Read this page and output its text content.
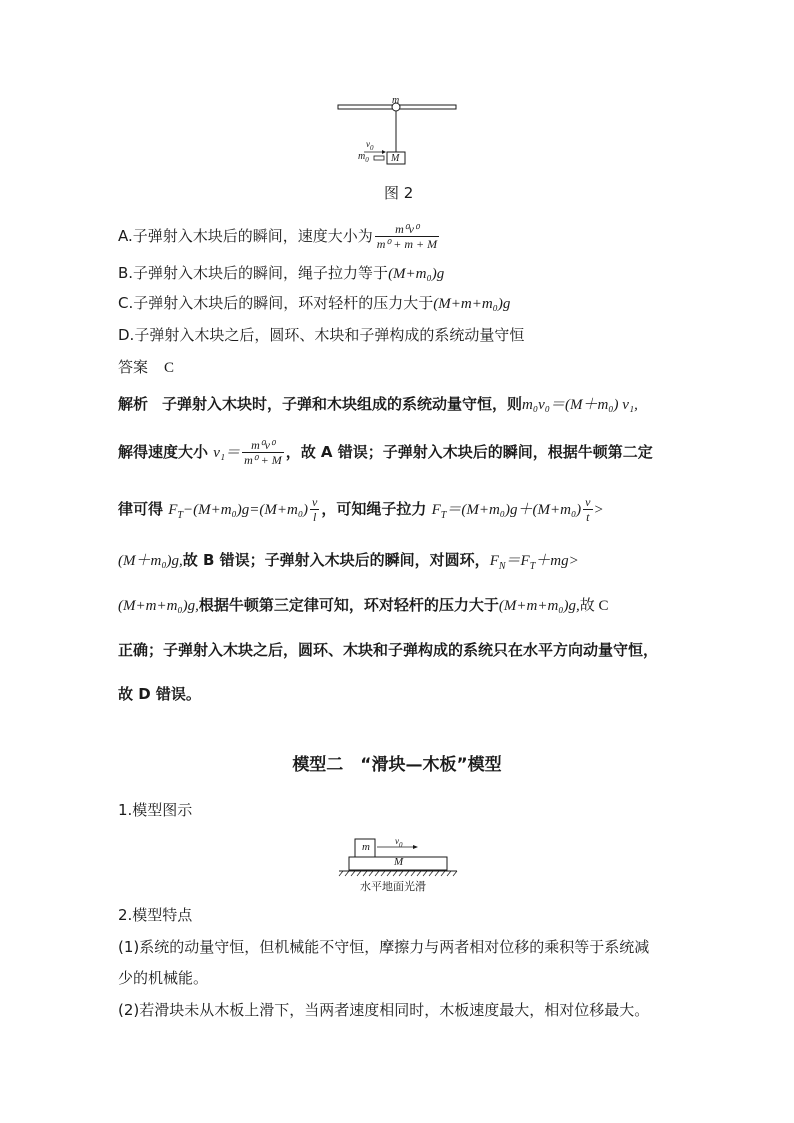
m
$v_0$
$m_0$ M
图 2
A.子弹射入木块后的瞬间，速度大小为 $\frac{\text{m⁰v⁰}}{\text{m⁰ + m + M}}$
B.子弹射入木块后的瞬间，绳子拉力等于(M+m₀)g
C.子弹射入木块后的瞬间，环对轻杆的压力大于(M+m+m₀)g
D.子弹射入木块之后，圆环、木块和子弹构成的系统动量守恒
答案 C
解析 子弹射入木块时，子弹和木块组成的系统动量守恒，则m₀v₀＝(M＋m₀) v₁,
解得速度大小 $v_1= \frac{\text{m⁰v⁰}}{\text{m⁰ + M}}$ ，故 A 错误；子弹射入木块后的瞬间，根据牛顿第二定
律可得 $F_T-(M+m_0)g=(M+m_0) \frac{v}{l}$ ，可知绳子拉力 $F_T=(M+m_0)g+(M+m_0) \frac{v}{t}$ >
(M＋m₀)g,故 B 错误；子弹射入木块后的瞬间，对圆环，$F_N=F_T+mg>$
(M+m+m₀)g,根据牛顿第三定律可知，环对轻杆的压力大于(M+m+m₀)g,故 C
正确；子弹射入木块之后，圆环、木块和子弹构成的系统只在水平方向动量守恒，
故 D 错误。
模型二　“滑块—木板”模型
1.模型图示
m	$v_0$
M
水平地面光滑
2.模型特点
(1)系统的动量守恒，但机械能不守恒，摩擦力与两者相对位移的乘积等于系统减
少的机械能。
(2)若滑块未从木板上滑下，当两者速度相同时，木板速度最大，相对位移最大。
